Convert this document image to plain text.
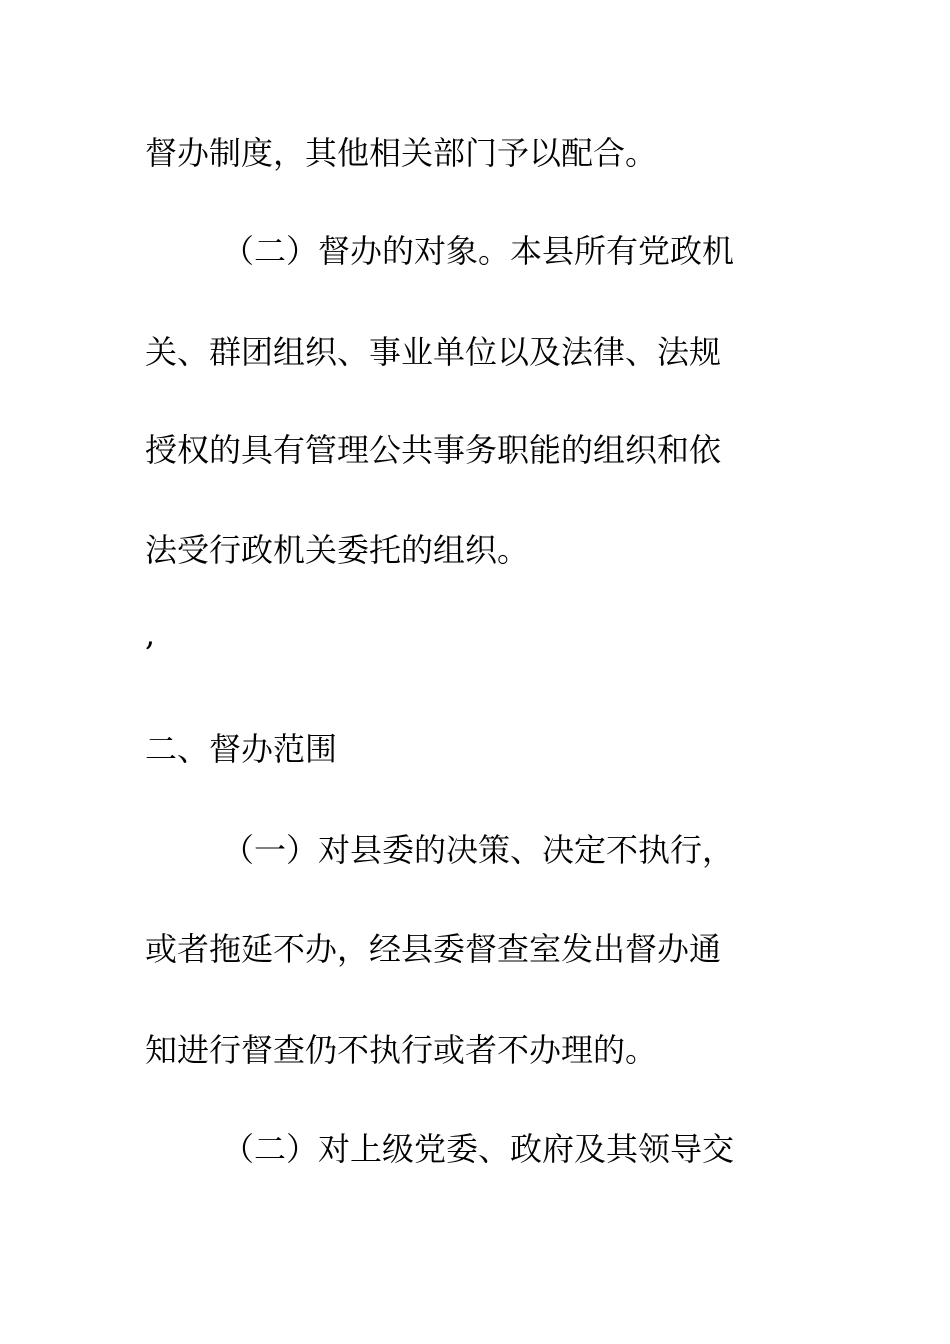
督办制度，其他相关部门予以配合。
（二）督办的对象。本县所有党政机
关、群团组织、事业单位以及法律、法规
授权的具有管理公共事务职能的组织和依
法受行政机关委托的组织。
,
二、督办范围
（一）对县委的决策、决定不执行，
或者拖延不办，经县委督查室发出督办通
知进行督查仍不执行或者不办理的。
（二）对上级党委、政府及其领导交
